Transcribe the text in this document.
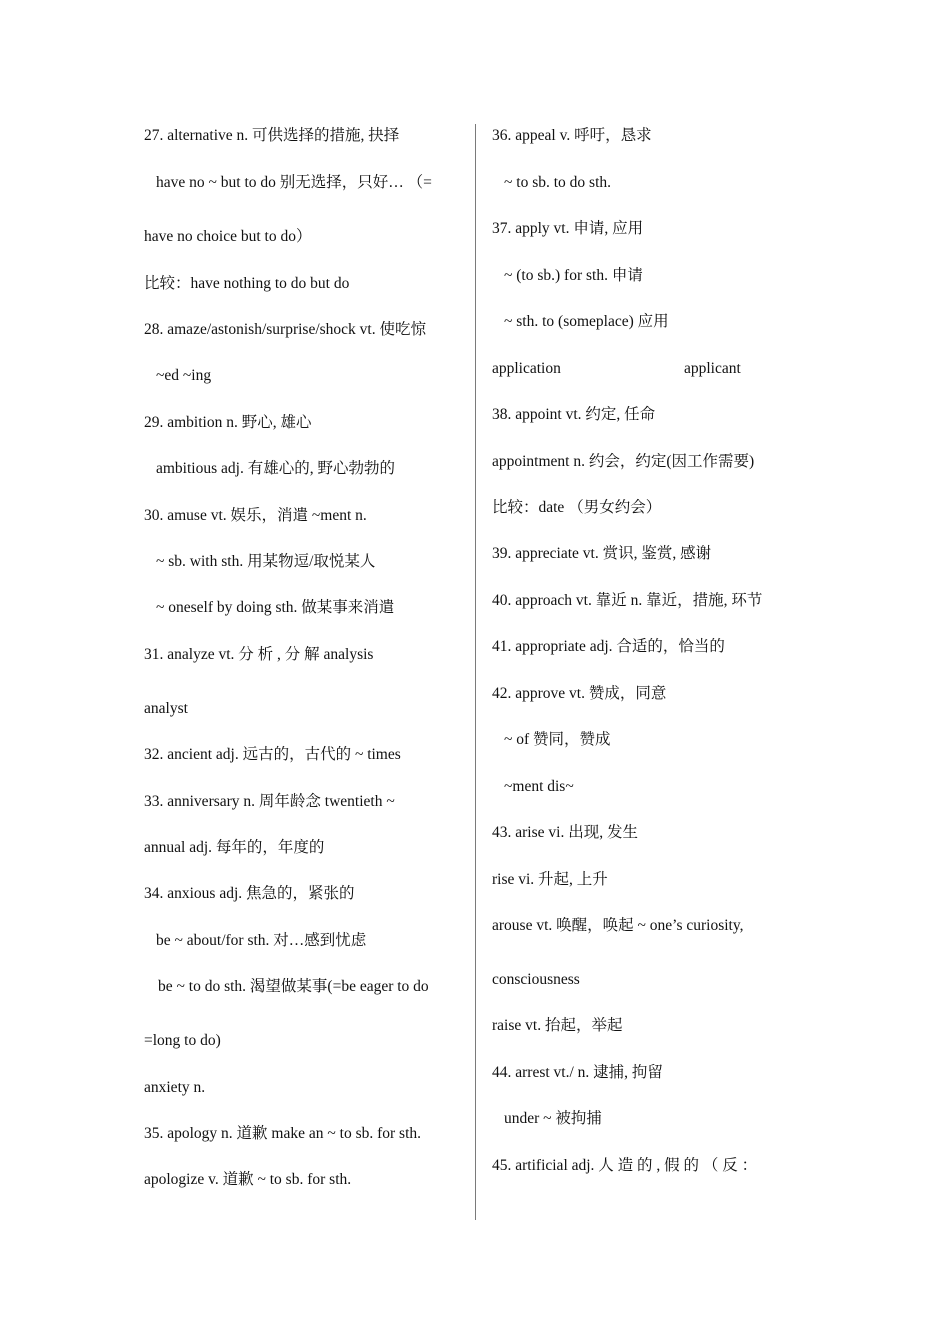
27. alternative n. 可供选择的措施, 抉择
have no ~ but to do 别无选择，只好… （=
have no choice but to do）
比较：have nothing to do but do
28. amaze/astonish/surprise/shock vt. 使吃惊
~ed ~ing
29. ambition n. 野心, 雄心
ambitious adj. 有雄心的, 野心勃勃的
30. amuse vt. 娱乐，消遣 ~ment n.
~ sb. with sth. 用某物逗/取悦某人
~ oneself by doing sth. 做某事来消遣
31. analyze vt. 分 析 , 分 解 analysis
analyst
32. ancient adj. 远古的，古代的 ~ times
33. anniversary n. 周年龄念 twentieth ~
annual adj. 每年的，年度的
34. anxious adj. 焦急的，紧张的
be ~ about/for sth. 对…感到忧虑
be ~ to do sth. 渴望做某事(=be eager to do
=long to do)
anxiety n.
35. apology n. 道歉 make an ~ to sb. for sth.
apologize v. 道歉 ~ to sb. for sth.
36. appeal v. 呼吁，恳求
~ to sb. to do sth.
37. apply vt. 申请, 应用
~ (to sb.) for sth. 申请
~ sth. to (someplace) 应用
application	applicant
38. appoint vt. 约定, 任命
appointment n. 约会，约定(因工作需要)
比较：date （男女约会）
39. appreciate vt. 赏识, 鉴赏, 感谢
40. approach vt. 靠近 n. 靠近，措施, 环节
41. appropriate adj. 合适的，恰当的
42. approve vt. 赞成，同意
~ of 赞同，赞成
~ment dis~
43. arise vi. 出现, 发生
rise vi. 升起, 上升
arouse vt. 唤醒，唤起 ~ one’s curiosity,
consciousness
raise vt. 抬起，举起
44. arrest vt./ n. 逮捕, 拘留
under ~ 被拘捕
45. artificial adj. 人 造 的 , 假 的 （ 反 ：
